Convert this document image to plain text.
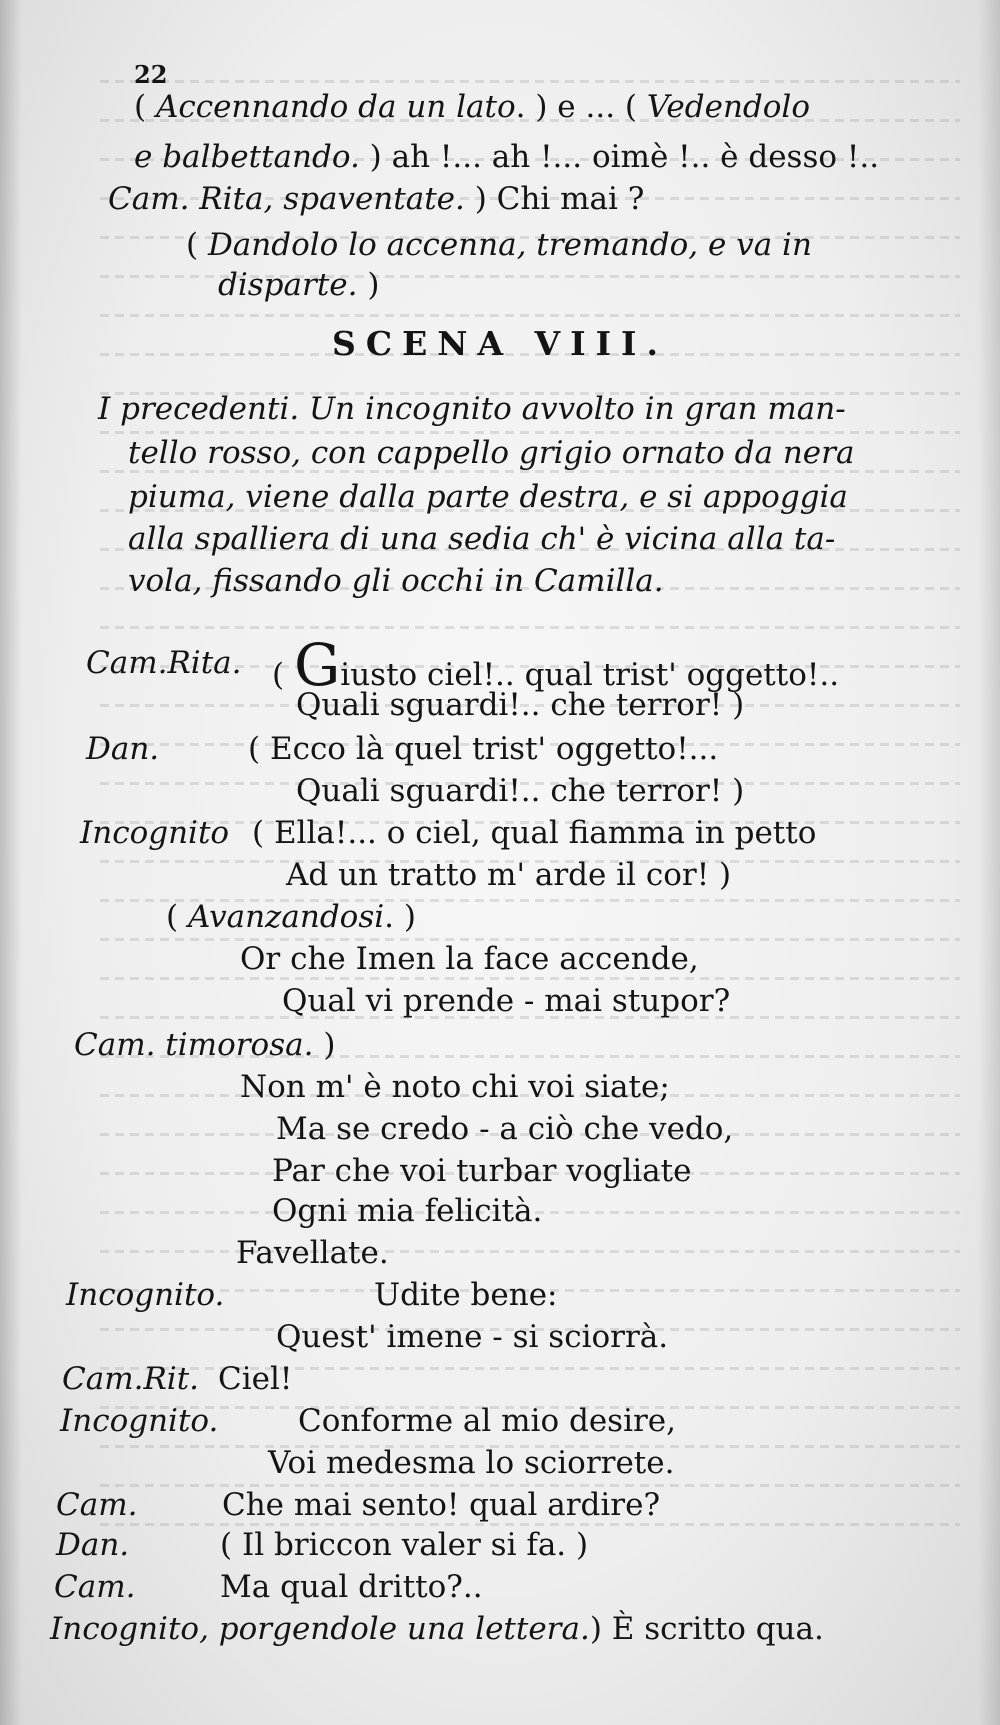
22
( Accennando da un lato. ) e ... ( Vedendolo
e balbettando. ) ah !... ah !... oimè !.. è desso !..
Cam. Rita, spaventate. ) Chi mai ?
( Dandolo lo accenna, tremando, e va in
disparte. )
SCENA VIII.
I precedenti. Un incognito avvolto in gran man-
tello rosso, con cappello grigio ornato da nera
piuma, viene dalla parte destra, e si appoggia
alla spalliera di una sedia ch' è vicina alla ta-
vola, fissando gli occhi in Camilla.
Cam.Rita. ( Giusto ciel!.. qual trist' oggetto!..
Quali sguardi!.. che terror! )
Dan.	( Ecco là quel trist' oggetto!...
Quali sguardi!.. che terror! )
Incognito ( Ella!... o ciel, qual fiamma in petto
Ad un tratto m' arde il cor! )
( Avanzandosi. )
Or che Imen la face accende,
Qual vi prende - mai stupor?
Cam. timorosa. )
Non m' è noto chi voi siate;
Ma se credo - a ciò che vedo,
Par che voi turbar vogliate
Ogni mia felicità.
Favellate.
Incognito.	Udite bene:
Quest' imene - si sciorrà.
Cam.Rit. Ciel!
Incognito.	Conforme al mio desire,
Voi medesma lo sciorrete.
Cam.	Che mai sento! qual ardire?
Dan.	( Il briccon valer si fa. )
Cam.	Ma qual dritto?..
Incognito, porgendole una lettera.) È scritto qua.
